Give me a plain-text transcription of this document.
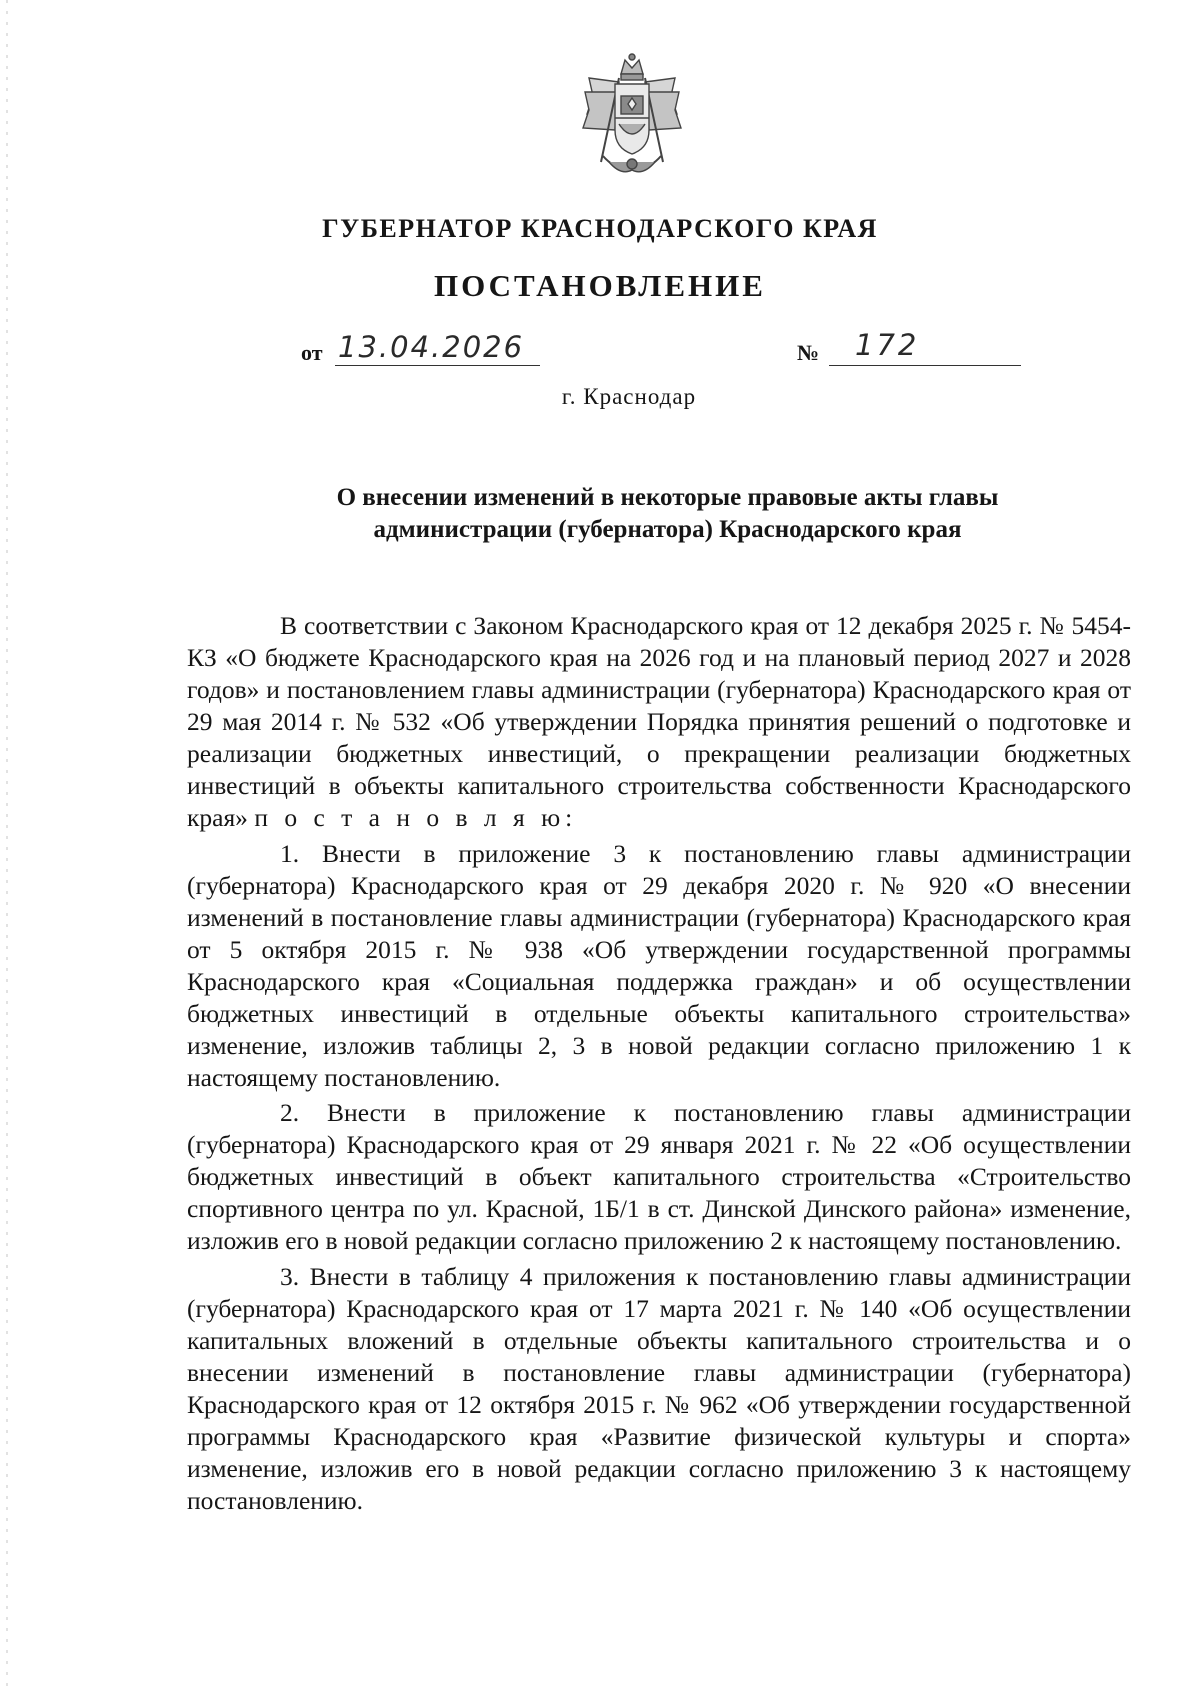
ГУБЕРНАТОР КРАСНОДАРСКОГО КРАЯ
ПОСТАНОВЛЕНИЕ
от 13.04.2026	№ 172
г. Краснодар
О внесении изменений в некоторые правовые акты главы
администрации (губернатора) Краснодарского края

В соответствии с Законом Краснодарского края от 12 декабря 2025 г. № 5454-КЗ «О бюджете Краснодарского края на 2026 год и на плановый период 2027 и 2028 годов» и постановлением главы администрации (губернатора) Краснодарского края от 29 мая 2014 г. № 532 «Об утверждении Порядка принятия решений о подготовке и реализации бюджетных инвестиций, о прекращении реализации бюджетных инвестиций в объекты капитального строительства собственности Краснодарского края» п о с т а н о в л я ю:

1. Внести в приложение 3 к постановлению главы администрации (губернатора) Краснодарского края от 29 декабря 2020 г. № 920 «О внесении изменений в постановление главы администрации (губернатора) Краснодарского края от 5 октября 2015 г. № 938 «Об утверждении государственной программы Краснодарского края «Социальная поддержка граждан» и об осуществлении бюджетных инвестиций в отдельные объекты капитального строительства» изменение, изложив таблицы 2, 3 в новой редакции согласно приложению 1 к настоящему постановлению.

2. Внести в приложение к постановлению главы администрации (губернатора) Краснодарского края от 29 января 2021 г. № 22 «Об осуществлении бюджетных инвестиций в объект капитального строительства «Строительство спортивного центра по ул. Красной, 1Б/1 в ст. Динской Динского района» изменение, изложив его в новой редакции согласно приложению 2 к настоящему постановлению.

3. Внести в таблицу 4 приложения к постановлению главы администрации (губернатора) Краснодарского края от 17 марта 2021 г. № 140 «Об осуществлении капитальных вложений в отдельные объекты капитального строительства и о внесении изменений в постановление главы администрации (губернатора) Краснодарского края от 12 октября 2015 г. № 962 «Об утверждении государственной программы Краснодарского края «Развитие физической культуры и спорта» изменение, изложив его в новой редакции согласно приложению 3 к настоящему постановлению.
